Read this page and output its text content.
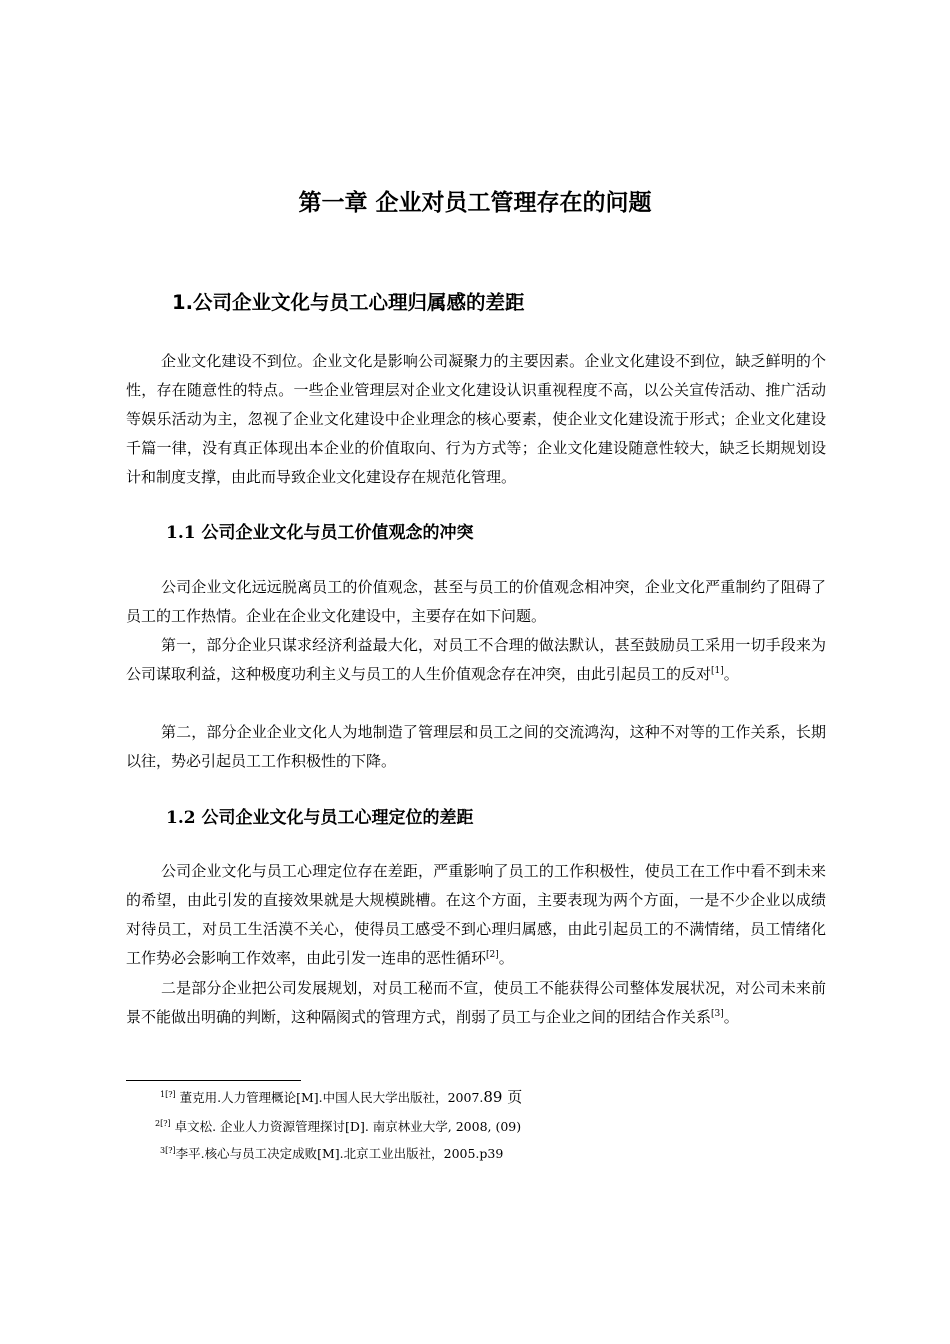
第一章 企业对员工管理存在的问题
1.公司企业文化与员工心理归属感的差距

企业文化建设不到位。企业文化是影响公司凝聚力的主要因素。企业文化建设不到位，缺乏鲜明的个性，存在随意性的特点。一些企业管理层对企业文化建设认识重视程度不高，以公关宣传活动、推广活动等娱乐活动为主，忽视了企业文化建设中企业理念的核心要素，使企业文化建设流于形式；企业文化建设千篇一律，没有真正体现出本企业的价值取向、行为方式等；企业文化建设随意性较大，缺乏长期规划设计和制度支撑，由此而导致企业文化建设存在规范化管理。

1.1 公司企业文化与员工价值观念的冲突

公司企业文化远远脱离员工的价值观念，甚至与员工的价值观念相冲突，企业文化严重制约了阻碍了员工的工作热情。企业在企业文化建设中，主要存在如下问题。

第一，部分企业只谋求经济利益最大化，对员工不合理的做法默认，甚至鼓励员工采用一切手段来为公司谋取利益，这种极度功利主义与员工的人生价值观念存在冲突，由此引起员工的反对[1]。

第二，部分企业企业文化人为地制造了管理层和员工之间的交流鸿沟，这种不对等的工作关系，长期以往，势必引起员工工作积极性的下降。

1.2 公司企业文化与员工心理定位的差距

公司企业文化与员工心理定位存在差距，严重影响了员工的工作积极性，使员工在工作中看不到未来的希望，由此引发的直接效果就是大规模跳槽。在这个方面，主要表现为两个方面，一是不少企业以成绩对待员工，对员工生活漠不关心，使得员工感受不到心理归属感，由此引起员工的不满情绪，员工情绪化工作势必会影响工作效率，由此引发一连串的恶性循环[2]。

二是部分企业把公司发展规划，对员工秘而不宣，使员工不能获得公司整体发展状况，对公司未来前景不能做出明确的判断，这种隔阂式的管理方式，削弱了员工与企业之间的团结合作关系[3]。

$^{1[?]}$ 董克用.人力管理概论[M].中国人民大学出版社，2007.89 页
$^{2[?]}$ 卓文松. 企业人力资源管理探讨[D]. 南京林业大学, 2008, (09)
$^{3[?]}$李平.核心与员工决定成败[M].北京工业出版社，2005.p39
